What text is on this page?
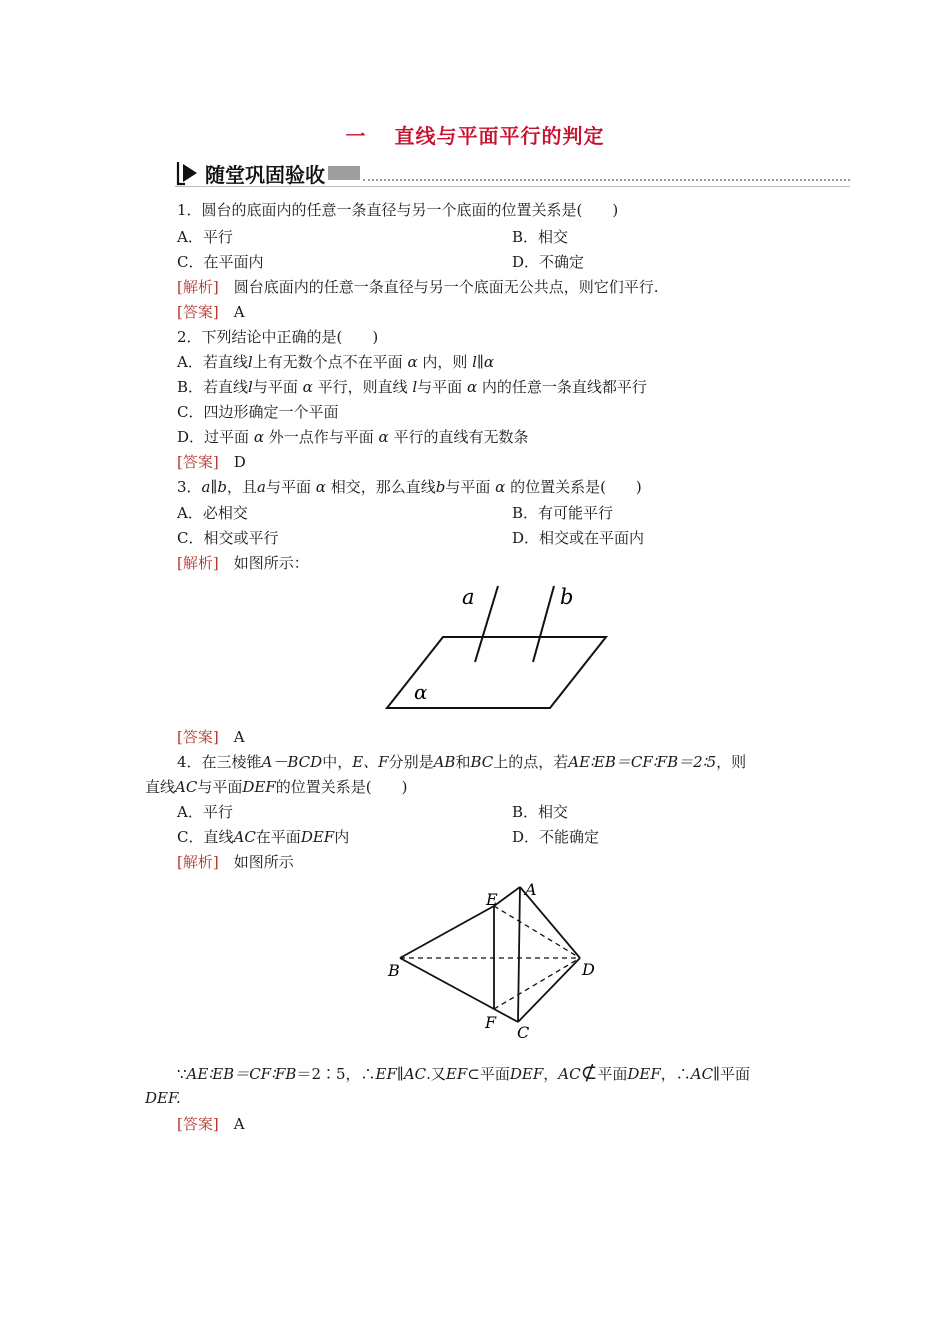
一 直线与平面平行的判定
随堂巩固验收
1．圆台的底面内的任意一条直径与另一个底面的位置关系是(　　)
A．平行	B．相交
C．在平面内	D．不确定
[解析]　 圆台底面内的任意一条直径与另一个底面无公共点，则它们平行.
[答案]　 A
2．下列结论中正确的是(　　)
A．若直线l上有无数个点不在平面 α 内，则 l∥α
B．若直线l与平面 α 平行，则直线 l与平面 α 内的任意一条直线都平行
C．四边形确定一个平面
D．过平面 α 外一点作与平面 α 平行的直线有无数条
[答案]　 D
3．a∥b，且a与平面 α 相交，那么直线b与平面 α 的位置关系是(　　)
A．必相交	B．有可能平行
C．相交或平行	D．相交或在平面内
[解析]　 如图所示：
a	b
α
[答案]　 A
4．在三棱锥A－BCD中，E、F分别是AB和BC上的点，若AE∶EB＝CF∶FB＝2∶5，则
直线AC与平面DEF的位置关系是(　　)
A．平行	B．相交
C．直线AC在平面DEF内	D．不能确定
[解析]　 如图所示
A
B
C
D
E
F
∵AE∶EB＝CF∶FB＝2∶5，∴EF∥AC.又EF⊂平面DEF，AC⊄平面DEF，∴AC∥平面
DEF.
[答案]　 A
